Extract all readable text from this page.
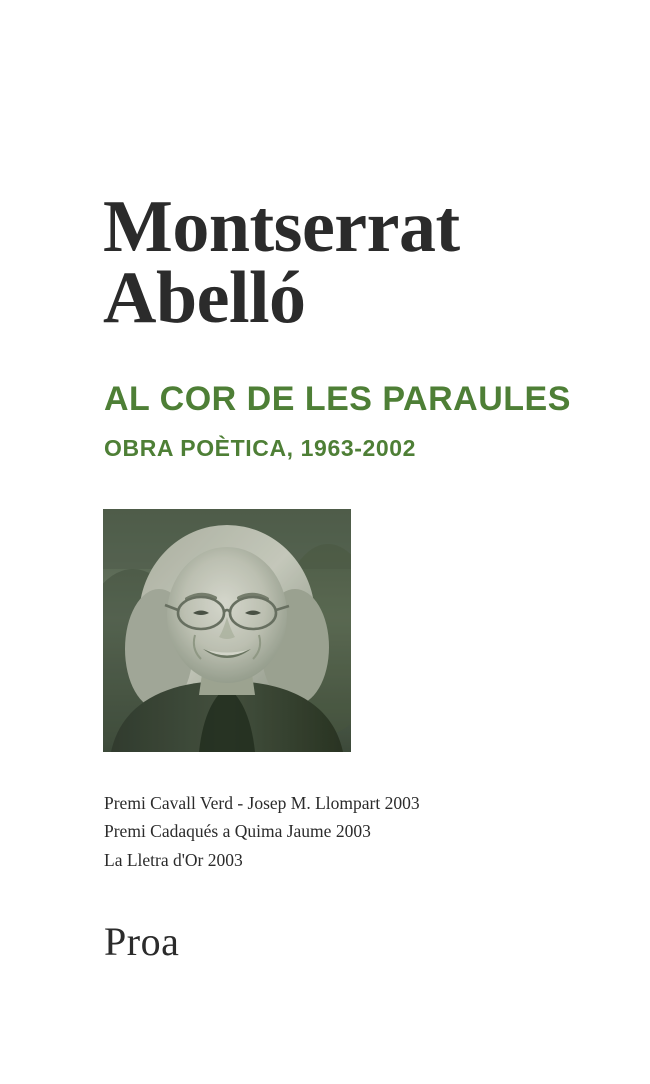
Montserrat
Abelló
AL COR DE LES PARAULES
OBRA POÈTICA, 1963-2002
Premi Cavall Verd - Josep M. Llompart 2003
Premi Cadaqués a Quima Jaume 2003
La Lletra d'Or 2003
Proa
